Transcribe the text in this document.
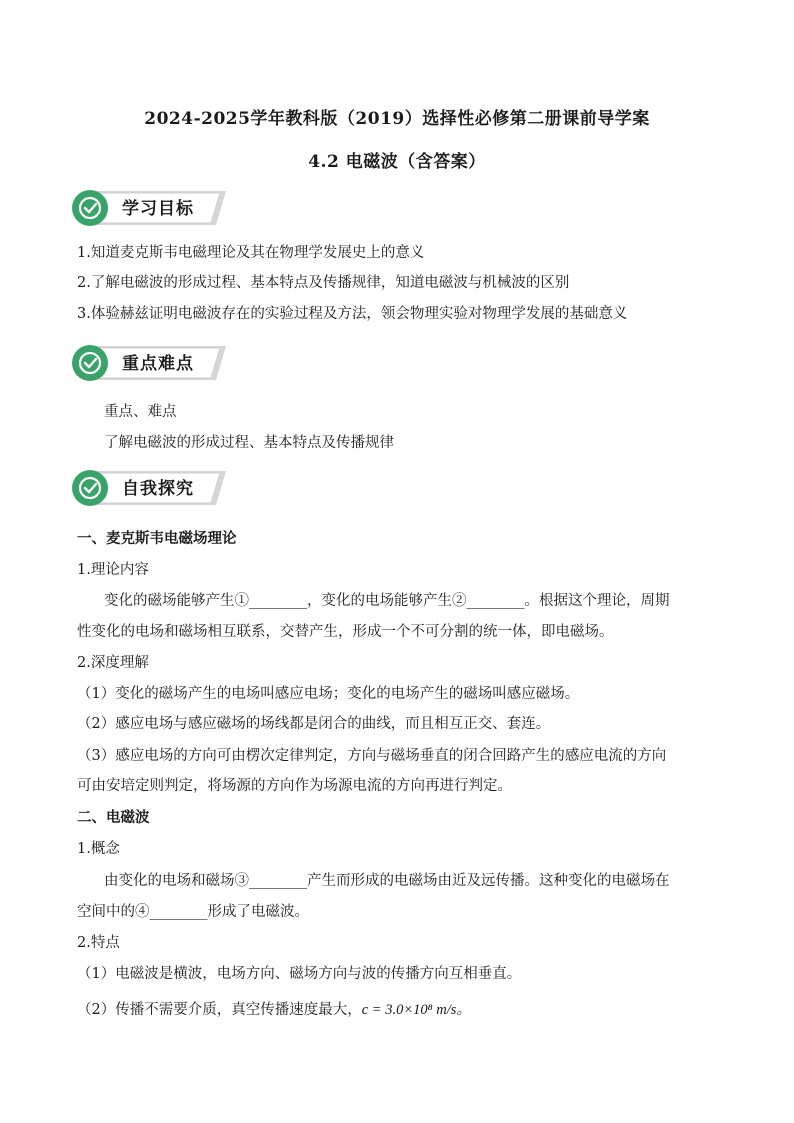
2024-2025学年教科版（2019）选择性必修第二册课前导学案
4.2 电磁波（含答案）
学习目标
1.知道麦克斯韦电磁理论及其在物理学发展史上的意义
2.了解电磁波的形成过程、基本特点及传播规律，知道电磁波与机械波的区别
3.体验赫兹证明电磁波存在的实验过程及方法，领会物理实验对物理学发展的基础意义
重点难点
重点、难点
了解电磁波的形成过程、基本特点及传播规律
自我探究
一、麦克斯韦电磁场理论
1.理论内容
变化的磁场能够产生①________，变化的电场能够产生②________。根据这个理论，周期
性变化的电场和磁场相互联系，交替产生，形成一个不可分割的统一体，即电磁场。
2.深度理解
（1）变化的磁场产生的电场叫感应电场；变化的电场产生的磁场叫感应磁场。
（2）感应电场与感应磁场的场线都是闭合的曲线，而且相互正交、套连。
（3）感应电场的方向可由楞次定律判定，方向与磁场垂直的闭合回路产生的感应电流的方向
可由安培定则判定，将场源的方向作为场源电流的方向再进行判定。
二、电磁波
1.概念
由变化的电场和磁场③________产生而形成的电磁场由近及远传播。这种变化的电磁场在
空间中的④________形成了电磁波。
2.特点
（1）电磁波是横波，电场方向、磁场方向与波的传播方向互相垂直。
（2）传播不需要介质，真空传播速度最大，c = 3.0×10⁸ m/s。
